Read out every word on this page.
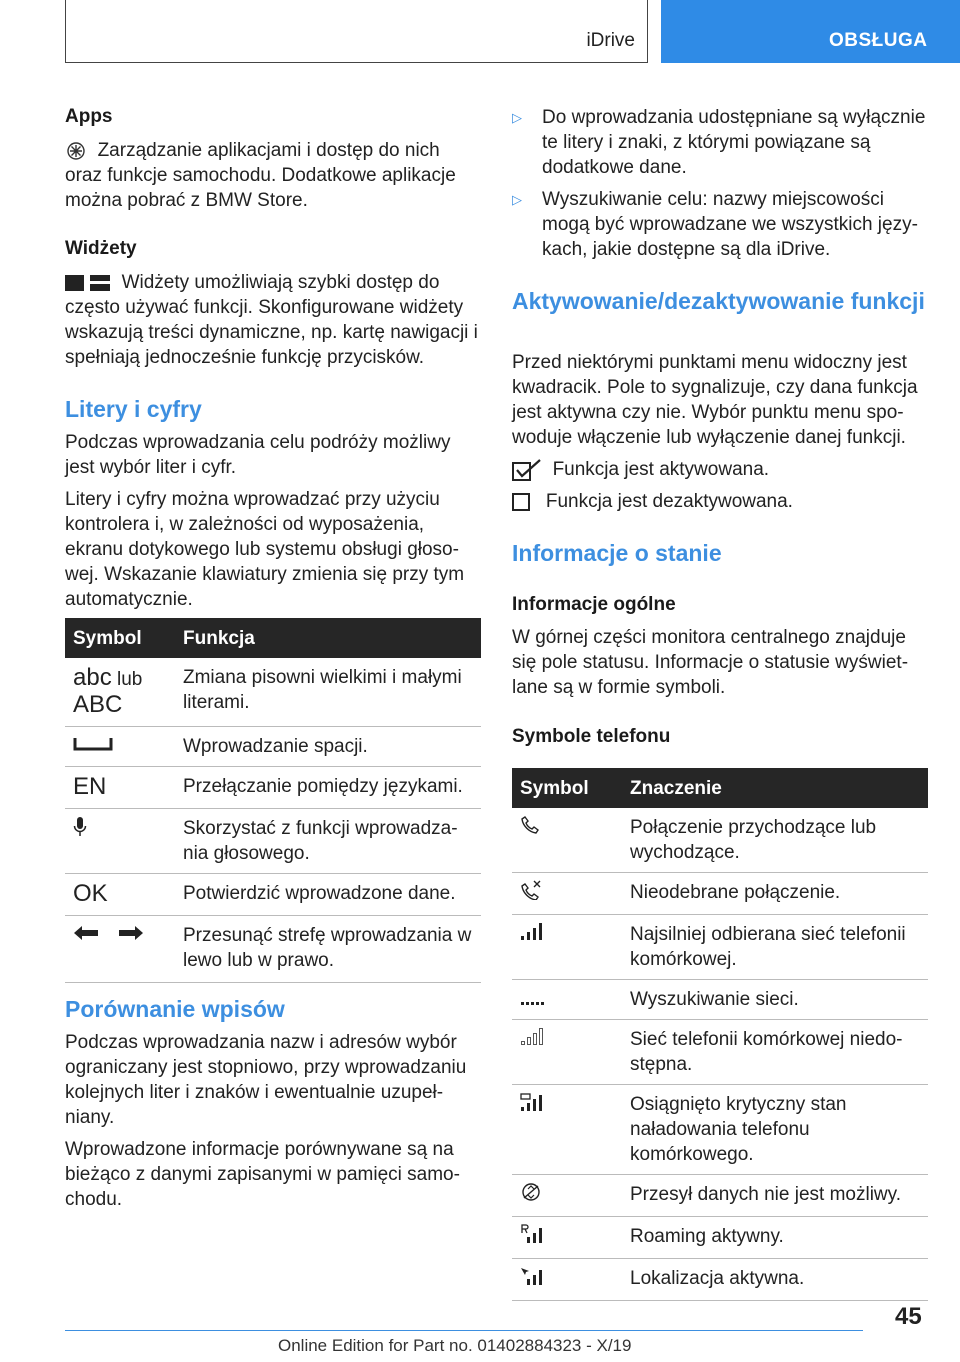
iDrive	OBSŁUGA
Apps
Zarządzanie aplikacjami i dostęp do nich oraz funkcje samochodu. Dodatkowe aplikacje można pobrać z BMW Store.
Widżety
Widżety umożliwiają szybki dostęp do często używać funkcji. Skonfigurowane widżety wskazują treści dynamiczne, np. kartę nawigacji i spełniają jednocześnie funkcję przycisków.
Litery i cyfry
Podczas wprowadzania celu podróży możliwy jest wybór liter i cyfr.
Litery i cyfry można wprowadzać przy użyciu kontrolera i, w zależności od wyposażenia, ekranu dotykowego lub systemu obsługi głosowej. Wskazanie klawiatury zmienia się przy tym automatycznie.
Symbol	Funkcja
abc lub
ABC	Zmiana pisowni wielkimi i małymi literami.
	Wprowadzanie spacji.
EN	Przełączanie pomiędzy językami.
	Skorzystać z funkcji wprowadzania głosowego.
OK	Potwierdzić wprowadzone dane.
	Przesunąć strefę wprowadzania w lewo lub w prawo.
Porównanie wpisów
Podczas wprowadzania nazw i adresów wybór ograniczany jest stopniowo, przy wprowadzaniu kolejnych liter i znaków i ewentualnie uzupełniany.
Wprowadzone informacje porównywane są na bieżąco z danymi zapisanymi w pamięci samochodu.
▷ Do wprowadzania udostępniane są wyłącznie te litery i znaki, z którymi powiązane są dodatkowe dane.
▷ Wyszukiwanie celu: nazwy miejscowości mogą być wprowadzane we wszystkich językach, jakie dostępne są dla iDrive.
Aktywowanie/dezaktywowanie funkcji
Przed niektórymi punktami menu widoczny jest kwadracik. Pole to sygnalizuje, czy dana funkcja jest aktywna czy nie. Wybór punktu menu spowoduje włączenie lub wyłączenie danej funkcji.
Funkcja jest aktywowana.
Funkcja jest dezaktywowana.
Informacje o stanie
Informacje ogólne
W górnej części monitora centralnego znajduje się pole statusu. Informacje o statusie wyświetlane są w formie symboli.
Symbole telefonu
Symbol	Znaczenie
	Połączenie przychodzące lub wychodzące.
	Nieodebrane połączenie.
	Najsilniej odbierana sieć telefonii komórkowej.
	Wyszukiwanie sieci.
	Sieć telefonii komórkowej niedostępna.
	Osiągnięto krytyczny stan naładowania telefonu komórkowego.
	Przesył danych nie jest możliwy.
	Roaming aktywny.
	Lokalizacja aktywna.
45
Online Edition for Part no. 01402884323 - X/19
